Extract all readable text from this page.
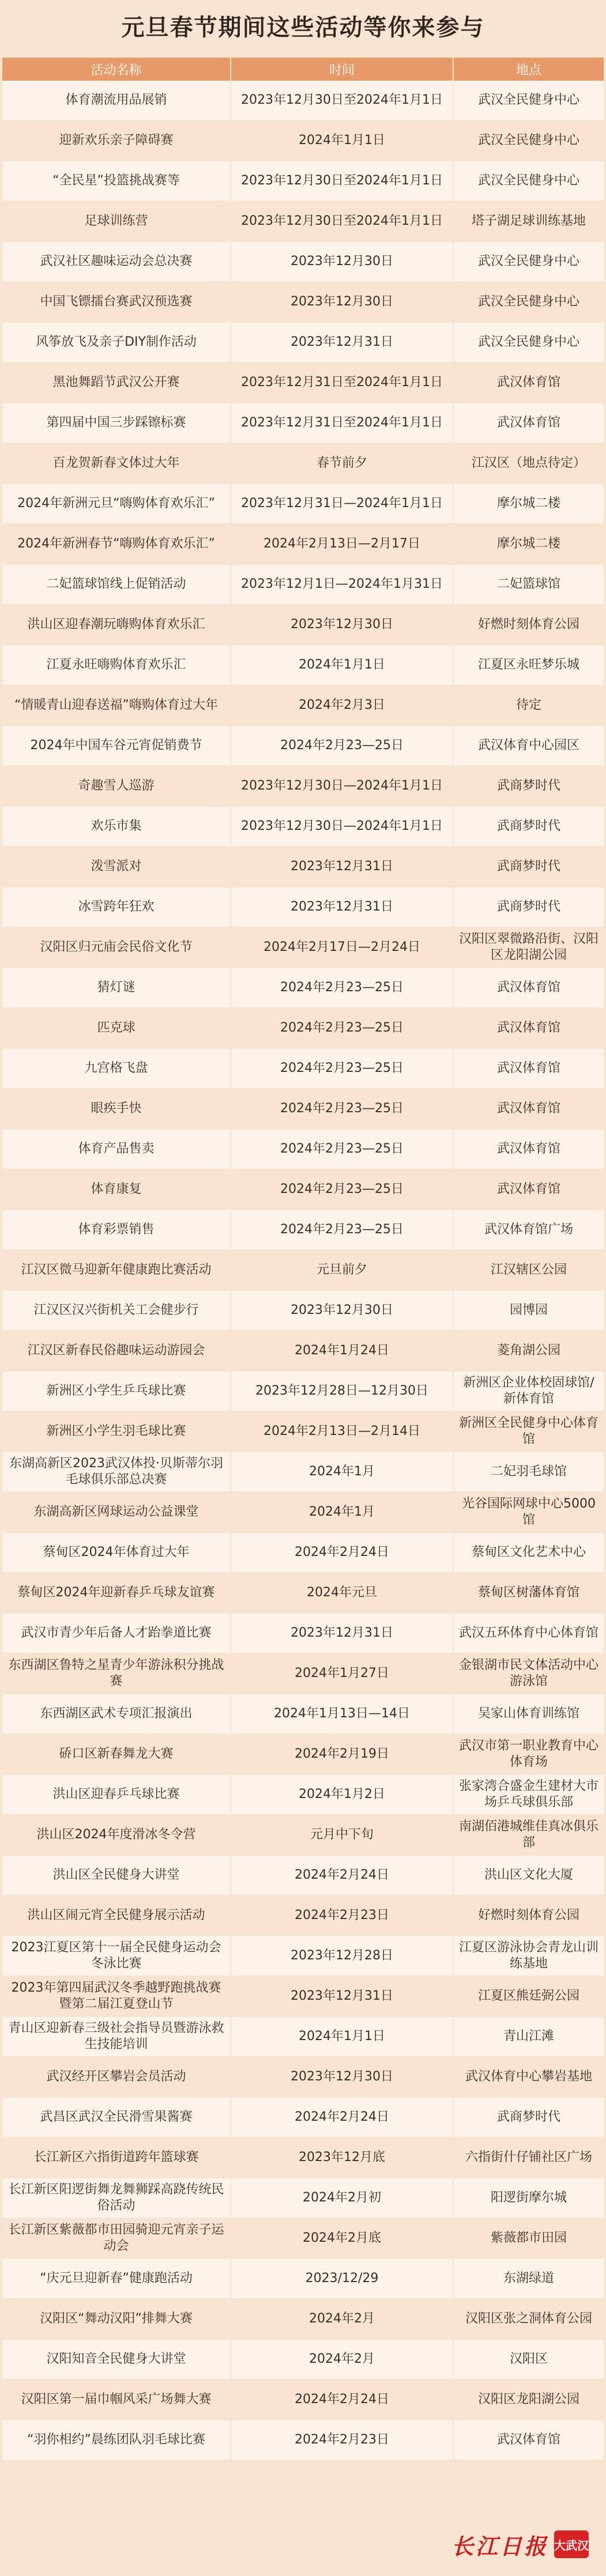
元旦春节期间这些活动等你来参与
活动名称	时间	地点
体育潮流用品展销	2023年12月30日至2024年1月1日	武汉全民健身中心
迎新欢乐亲子障碍赛	2024年1月1日	武汉全民健身中心
“全民星”投篮挑战赛等	2023年12月30日至2024年1月1日	武汉全民健身中心
足球训练营	2023年12月30日至2024年1月1日	塔子湖足球训练基地
武汉社区趣味运动会总决赛	2023年12月30日	武汉全民健身中心
中国飞镖擂台赛武汉预选赛	2023年12月30日	武汉全民健身中心
风筝放飞及亲子DIY制作活动	2023年12月31日	武汉全民健身中心
黑池舞蹈节武汉公开赛	2023年12月31日至2024年1月1日	武汉体育馆
第四届中国三步踩镲标赛	2023年12月31日至2024年1月1日	武汉体育馆
百龙贺新春文体过大年	春节前夕	江汉区（地点待定）
2024年新洲元旦“嗨购体育欢乐汇”	2023年12月31日—2024年1月1日	摩尔城二楼
2024年新洲春节“嗨购体育欢乐汇”	2024年2月13日—2月17日	摩尔城二楼
二妃篮球馆线上促销活动	2023年12月1日—2024年1月31日	二妃篮球馆
洪山区迎春潮玩嗨购体育欢乐汇	2023年12月30日	好燃时刻体育公园
江夏永旺嗨购体育欢乐汇	2024年1月1日	江夏区永旺梦乐城
“情暖青山迎春送福”嗨购体育过大年	2024年2月3日	待定
2024年中国车谷元宵促销费节	2024年2月23—25日	武汉体育中心园区
奇趣雪人巡游	2023年12月30日—2024年1月1日	武商梦时代
欢乐市集	2023年12月30日—2024年1月1日	武商梦时代
泼雪派对	2023年12月31日	武商梦时代
冰雪跨年狂欢	2023年12月31日	武商梦时代
汉阳区归元庙会民俗文化节	2024年2月17日—2月24日	汉阳区翠微路沿街、汉阳区龙阳湖公园
猜灯谜	2024年2月23—25日	武汉体育馆
匹克球	2024年2月23—25日	武汉体育馆
九宫格飞盘	2024年2月23—25日	武汉体育馆
眼疾手快	2024年2月23—25日	武汉体育馆
体育产品售卖	2024年2月23—25日	武汉体育馆
体育康复	2024年2月23—25日	武汉体育馆
体育彩票销售	2024年2月23—25日	武汉体育馆广场
江汉区微马迎新年健康跑比赛活动	元旦前夕	江汉辖区公园
江汉区汉兴街机关工会健步行	2023年12月30日	园博园
江汉区新春民俗趣味运动游园会	2024年1月24日	菱角湖公园
新洲区小学生乒乓球比赛	2023年12月28日—12月30日	新洲区企业体校固球馆/新体育馆
新洲区小学生羽毛球比赛	2024年2月13日—2月14日	新洲区全民健身中心体育馆
东湖高新区2023武汉体投·贝斯蒂尔羽毛球俱乐部总决赛	2024年1月	二妃羽毛球馆
东湖高新区网球运动公益课堂	2024年1月	光谷国际网球中心5000馆
蔡甸区2024年体育过大年	2024年2月24日	蔡甸区文化艺术中心
蔡甸区2024年迎新春乒乓球友谊赛	2024年元旦	蔡甸区树藩体育馆
武汉市青少年后备人才跆拳道比赛	2023年12月31日	武汉五环体育中心体育馆
东西湖区鲁特之星青少年游泳积分挑战赛	2024年1月27日	金银湖市民文体活动中心游泳馆
东西湖区武术专项汇报演出	2024年1月13日—14日	吴家山体育训练馆
硚口区新春舞龙大赛	2024年2月19日	武汉市第一职业教育中心体育场
洪山区迎春乒乓球比赛	2024年1月2日	张家湾合盛金生建材大市场乒乓球俱乐部
洪山区2024年度滑冰冬令营	元月中下旬	南湖佰港城维佳真冰俱乐部
洪山区全民健身大讲堂	2024年2月24日	洪山区文化大厦
洪山区闹元宵全民健身展示活动	2024年2月23日	好燃时刻体育公园
2023江夏区第十一届全民健身运动会冬泳比赛	2023年12月28日	江夏区游泳协会青龙山训练基地
2023年第四届武汉冬季越野跑挑战赛暨第二届江夏登山节	2023年12月31日	江夏区熊廷弼公园
青山区迎新春三级社会指导员暨游泳救生技能培训	2024年1月1日	青山江滩
武汉经开区攀岩会员活动	2023年12月30日	武汉体育中心攀岩基地
武昌区武汉全民滑雪果酱赛	2024年2月24日	武商梦时代
长江新区六指街道跨年篮球赛	2023年12月底	六指街什仔铺社区广场
长江新区阳逻街舞龙舞狮踩高跷传统民俗活动	2024年2月初	阳逻街摩尔城
长江新区紫薇都市田园骑迎元宵亲子运动会	2024年2月底	紫薇都市田园
“庆元旦迎新春”健康跑活动	2023/12/29	东湖绿道
汉阳区“舞动汉阳”排舞大赛	2024年2月	汉阳区张之洞体育公园
汉阳知音全民健身大讲堂	2024年2月	汉阳区
汉阳区第一届巾帼风采广场舞大赛	2024年2月24日	汉阳区龙阳湖公园
“羽你相约”晨练团队羽毛球比赛	2024年2月23日	武汉体育馆
长江日报 大武汉
